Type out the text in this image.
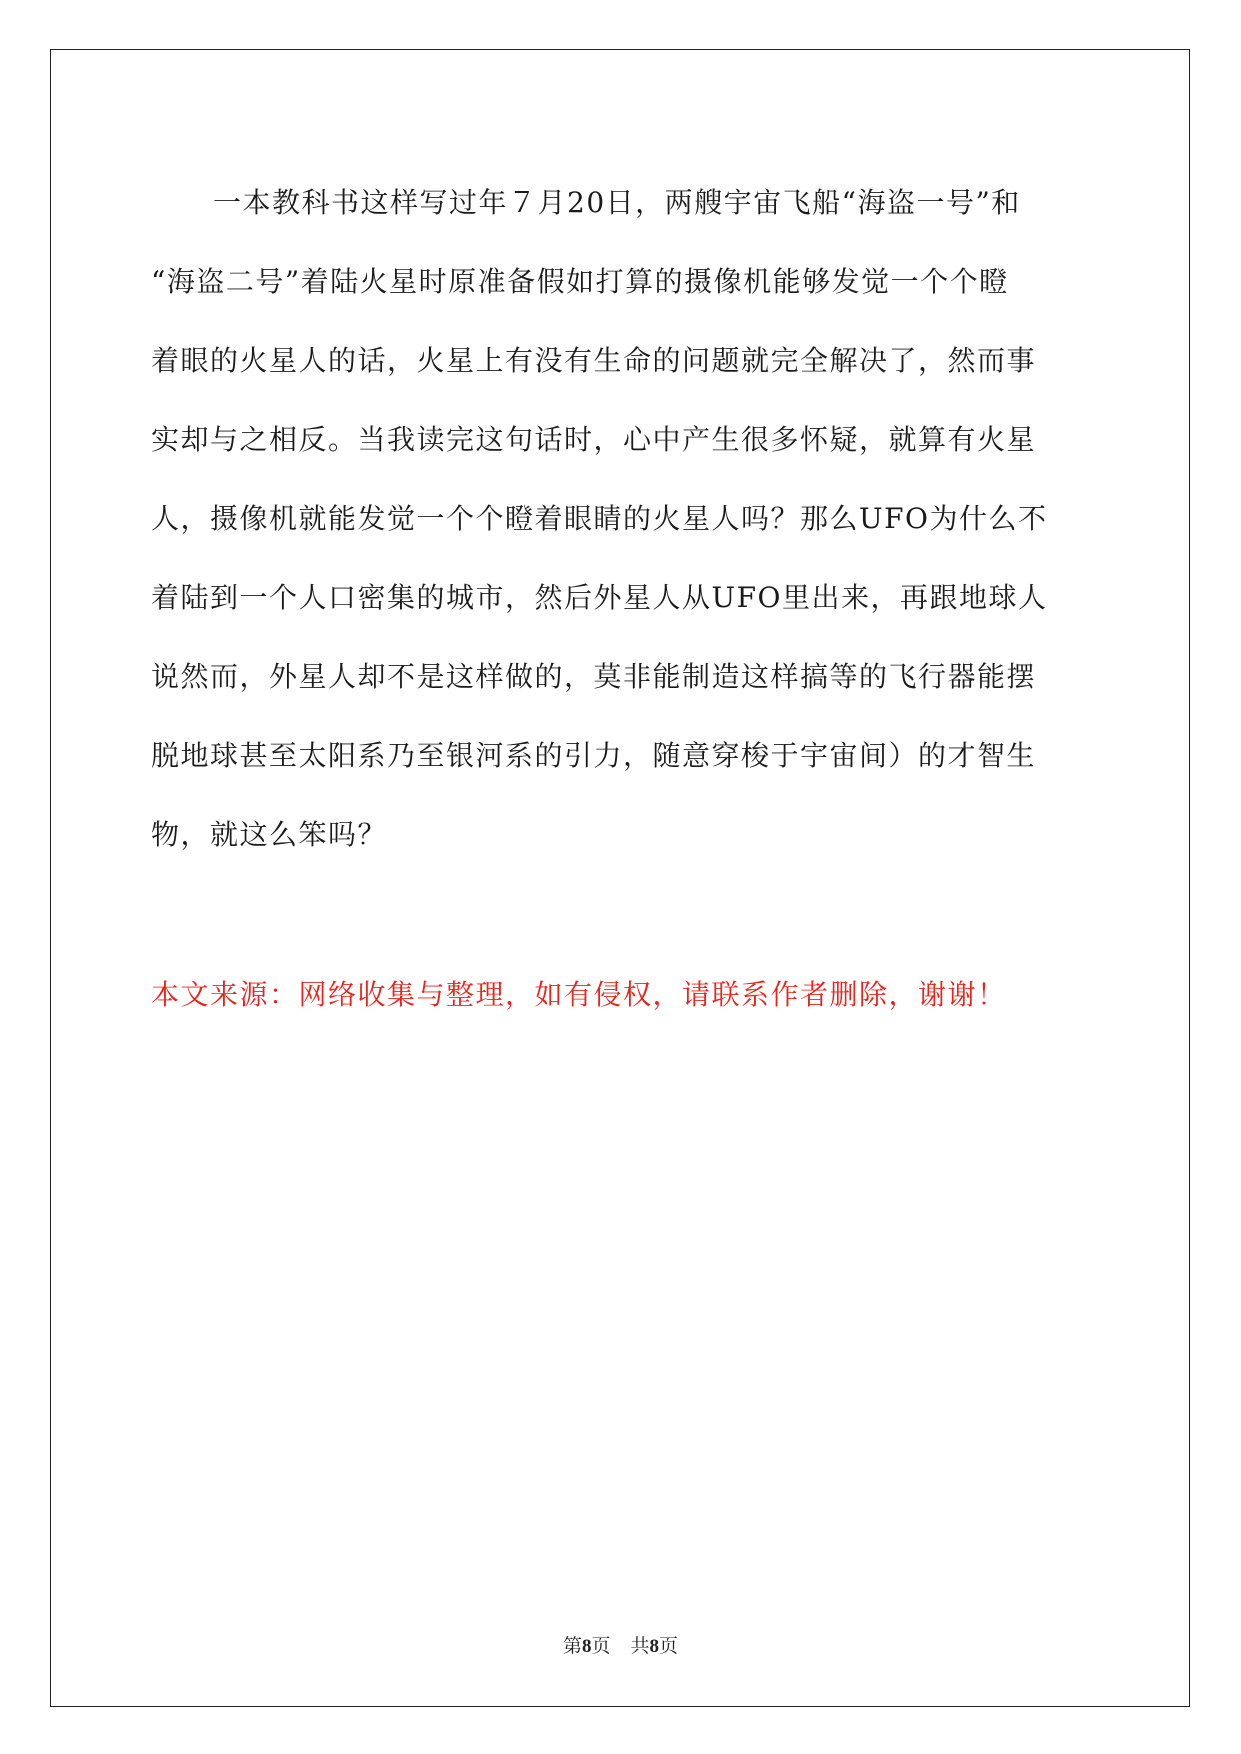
一本教科书这样写过年７月20日，两艘宇宙飞船“海盗一号”和
“海盗二号”着陆火星时原准备假如打算的摄像机能够发觉一个个瞪
着眼的火星人的话，火星上有没有生命的问题就完全解决了，然而事
实却与之相反。当我读完这句话时，心中产生很多怀疑，就算有火星
人，摄像机就能发觉一个个瞪着眼睛的火星人吗？那么UFO为什么不
着陆到一个人口密集的城市，然后外星人从UFO里出来，再跟地球人
说然而，外星人却不是这样做的，莫非能制造这样搞等的飞行器能摆
脱地球甚至太阳系乃至银河系的引力，随意穿梭于宇宙间）的才智生
物，就这么笨吗？
本文来源：网络收集与整理，如有侵权，请联系作者删除，谢谢！
第8页 共8页
